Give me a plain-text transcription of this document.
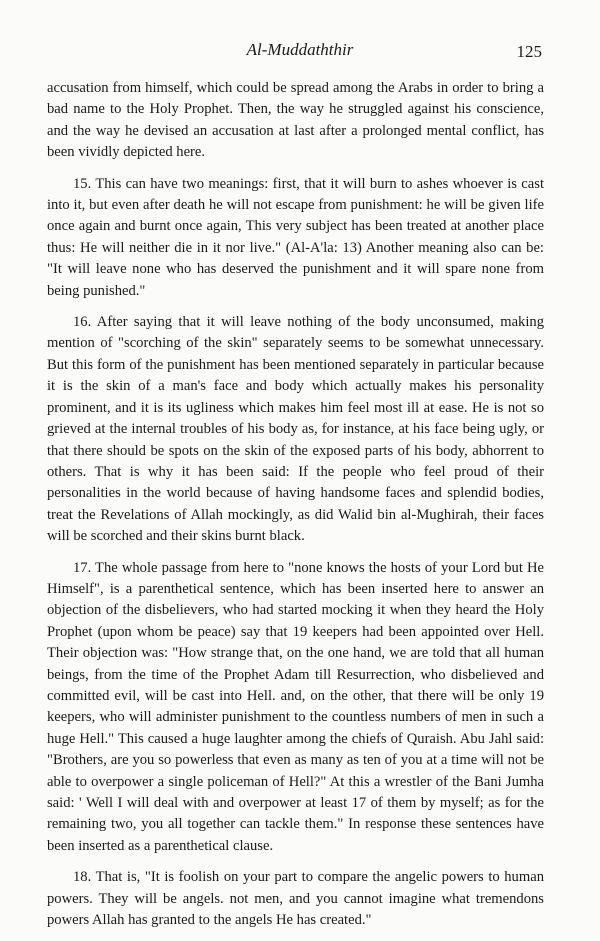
Al-Muddaththir	125

accusation from himself, which could be spread among the Arabs in order to bring a bad name to the Holy Prophet. Then, the way he struggled against his conscience, and the way he devised an accusation at last after a prolonged mental conflict, has been vividly depicted here.

15. This can have two meanings: first, that it will burn to ashes whoever is cast into it, but even after death he will not escape from punishment: he will be given life once again and burnt once again, This very subject has been treated at another place thus: He will neither die in it nor live." (Al-A'la: 13) Another meaning also can be: "It will leave none who has deserved the punishment and it will spare none from being punished."

16. After saying that it will leave nothing of the body unconsumed, making mention of "scorching of the skin" separately seems to be somewhat unnecessary. But this form of the punishment has been mentioned separately in particular because it is the skin of a man's face and body which actually makes his personality prominent, and it is its ugliness which makes him feel most ill at ease. He is not so grieved at the internal troubles of his body as, for instance, at his face being ugly, or that there should be spots on the skin of the exposed parts of his body, abhorrent to others. That is why it has been said: If the people who feel proud of their personalities in the world because of having handsome faces and splendid bodies, treat the Revelations of Allah mockingly, as did Walid bin al-Mughirah, their faces will be scorched and their skins burnt black.

17. The whole passage from here to "none knows the hosts of your Lord but He Himself", is a parenthetical sentence, which has been inserted here to answer an objection of the disbelievers, who had started mocking it when they heard the Holy Prophet (upon whom be peace) say that 19 keepers had been appointed over Hell. Their objection was: "How strange that, on the one hand, we are told that all human beings, from the time of the Prophet Adam till Resurrection, who disbelieved and committed evil, will be cast into Hell. and, on the other, that there will be only 19 keepers, who will administer punishment to the countless numbers of men in such a huge Hell." This caused a huge laughter among the chiefs of Quraish. Abu Jahl said: "Brothers, are you so powerless that even as many as ten of you at a time will not be able to overpower a single policeman of Hell?" At this a wrestler of the Bani Jumha said: ' Well I will deal with and overpower at least 17 of them by myself; as for the remaining two, you all together can tackle them." In response these sentences have been inserted as a parenthetical clause.

18. That is, "It is foolish on your part to compare the angelic powers to human powers. They will be angels. not men, and you cannot imagine what tremendons powers Allah has granted to the angels He has created."
